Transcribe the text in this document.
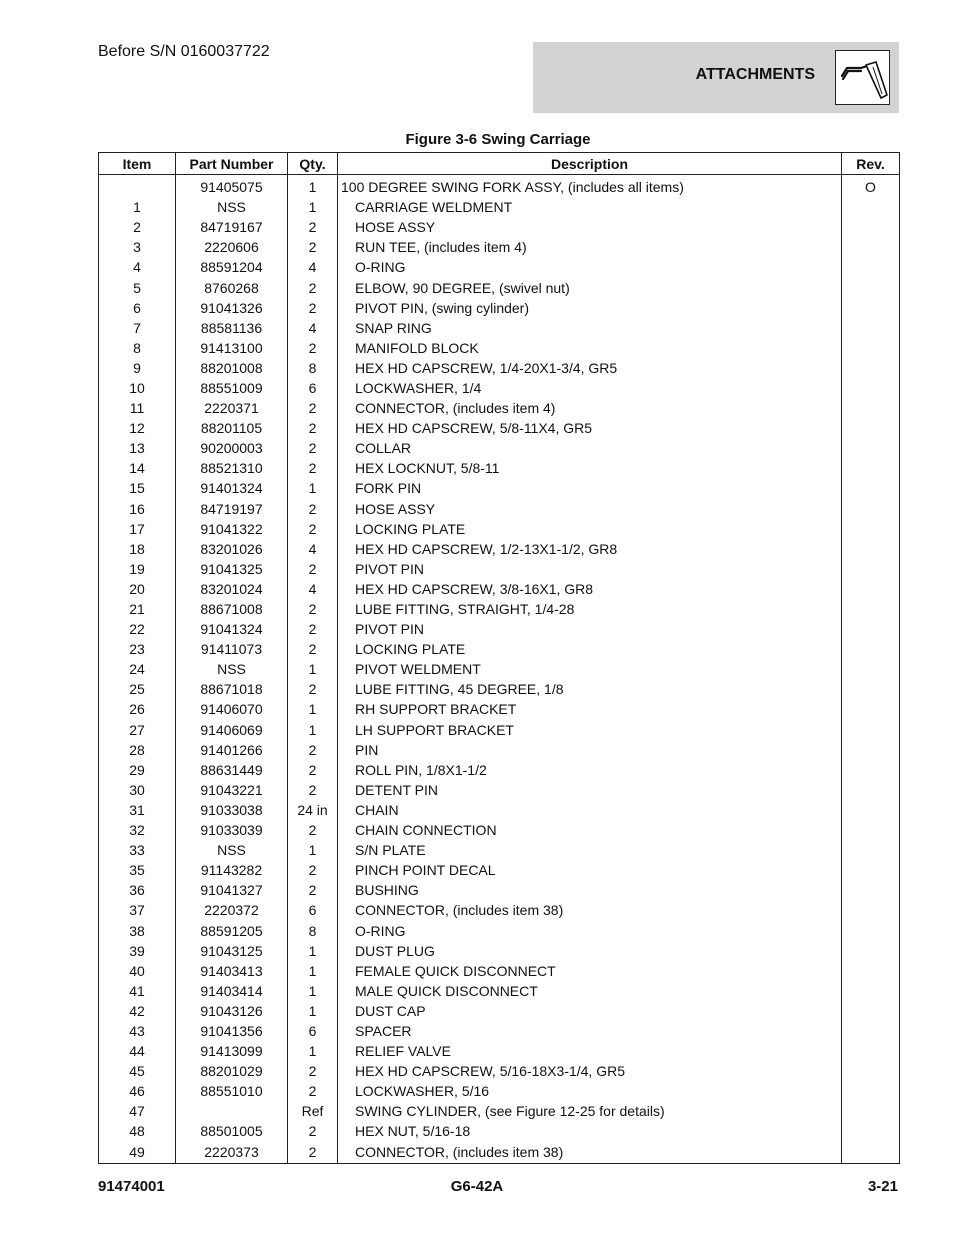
Before S/N 0160037722
ATTACHMENTS
Figure 3-6 Swing Carriage
Item	Part Number	Qty.	Description	Rev.
	91405075	1	100 DEGREE SWING FORK ASSY, (includes all items)	O
1	NSS	1	CARRIAGE WELDMENT	
2	84719167	2	HOSE ASSY	
3	2220606	2	RUN TEE, (includes item 4)	
4	88591204	4	O-RING	
5	8760268	2	ELBOW, 90 DEGREE, (swivel nut)	
6	91041326	2	PIVOT PIN, (swing cylinder)	
7	88581136	4	SNAP RING	
8	91413100	2	MANIFOLD BLOCK	
9	88201008	8	HEX HD CAPSCREW, 1/4-20X1-3/4, GR5	
10	88551009	6	LOCKWASHER, 1/4	
11	2220371	2	CONNECTOR, (includes item 4)	
12	88201105	2	HEX HD CAPSCREW, 5/8-11X4, GR5	
13	90200003	2	COLLAR	
14	88521310	2	HEX LOCKNUT, 5/8-11	
15	91401324	1	FORK PIN	
16	84719197	2	HOSE ASSY	
17	91041322	2	LOCKING PLATE	
18	83201026	4	HEX HD CAPSCREW, 1/2-13X1-1/2, GR8	
19	91041325	2	PIVOT PIN	
20	83201024	4	HEX HD CAPSCREW, 3/8-16X1, GR8	
21	88671008	2	LUBE FITTING, STRAIGHT, 1/4-28	
22	91041324	2	PIVOT PIN	
23	91411073	2	LOCKING PLATE	
24	NSS	1	PIVOT WELDMENT	
25	88671018	2	LUBE FITTING, 45 DEGREE, 1/8	
26	91406070	1	RH SUPPORT BRACKET	
27	91406069	1	LH SUPPORT BRACKET	
28	91401266	2	PIN	
29	88631449	2	ROLL PIN, 1/8X1-1/2	
30	91043221	2	DETENT PIN	
31	91033038	24 in	CHAIN	
32	91033039	2	CHAIN CONNECTION	
33	NSS	1	S/N PLATE	
35	91143282	2	PINCH POINT DECAL	
36	91041327	2	BUSHING	
37	2220372	6	CONNECTOR, (includes item 38)	
38	88591205	8	O-RING	
39	91043125	1	DUST PLUG	
40	91403413	1	FEMALE QUICK DISCONNECT	
41	91403414	1	MALE QUICK DISCONNECT	
42	91043126	1	DUST CAP	
43	91041356	6	SPACER	
44	91413099	1	RELIEF VALVE	
45	88201029	2	HEX HD CAPSCREW, 5/16-18X3-1/4, GR5	
46	88551010	2	LOCKWASHER, 5/16	
47		Ref	SWING CYLINDER, (see Figure 12-25 for details)	
48	88501005	2	HEX NUT, 5/16-18	
49	2220373	2	CONNECTOR, (includes item 38)	
91474001	G6-42A	3-21
